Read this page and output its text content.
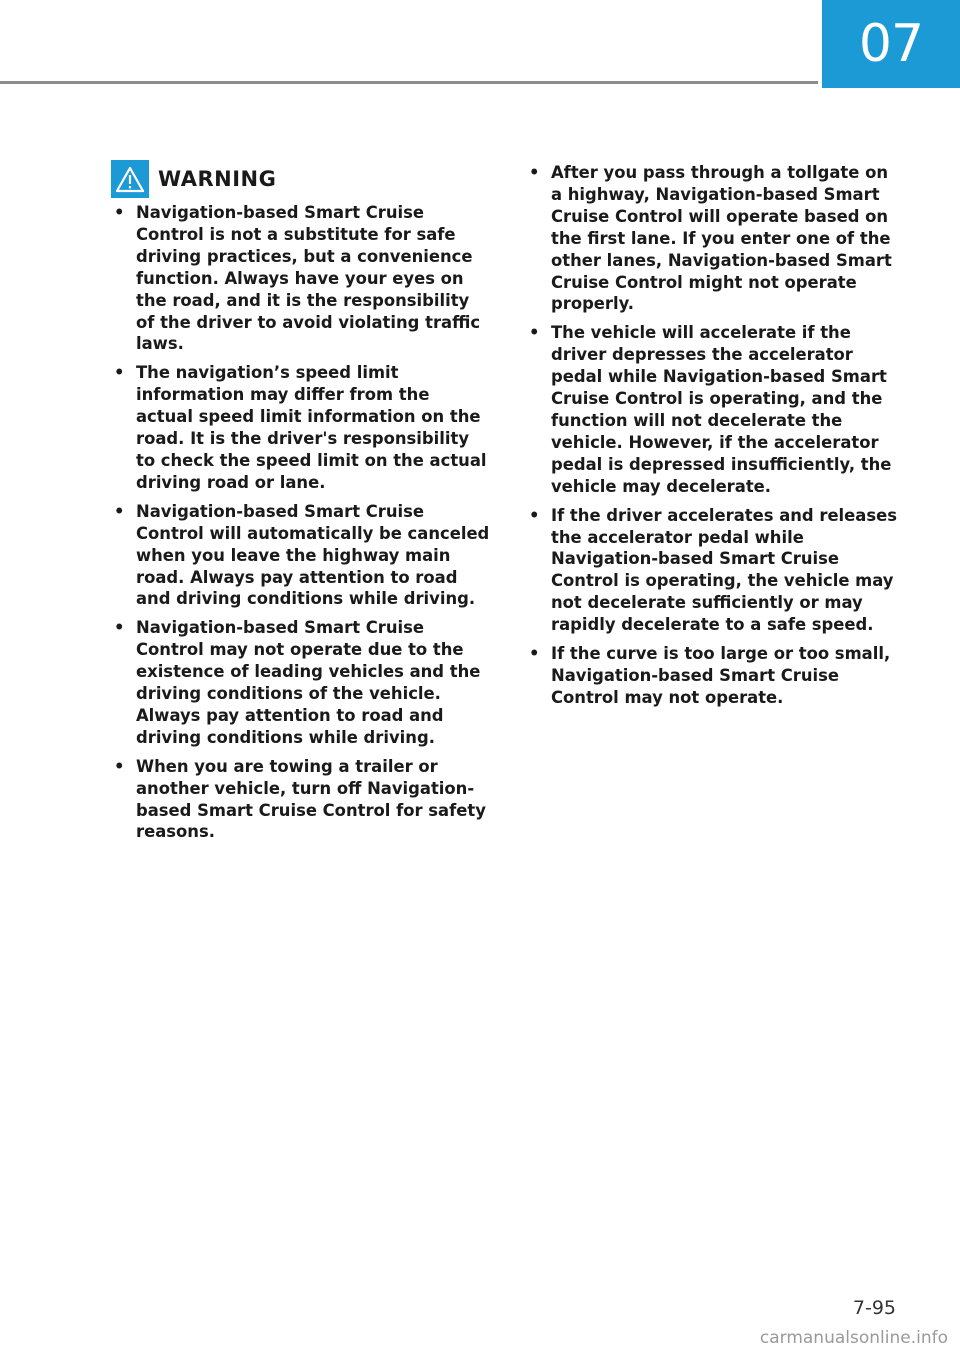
07
WARNING
• Navigation-based Smart Cruise Control is not a substitute for safe driving practices, but a convenience function. Always have your eyes on the road, and it is the responsibility of the driver to avoid violating traffic laws.
• The navigation’s speed limit information may differ from the actual speed limit information on the road. It is the driver's responsibility to check the speed limit on the actual driving road or lane.
• Navigation-based Smart Cruise Control will automatically be canceled when you leave the highway main road. Always pay attention to road and driving conditions while driving.
• Navigation-based Smart Cruise Control may not operate due to the existence of leading vehicles and the driving conditions of the vehicle. Always pay attention to road and driving conditions while driving.
• When you are towing a trailer or another vehicle, turn off Navigation-based Smart Cruise Control for safety reasons.
• After you pass through a tollgate on a highway, Navigation-based Smart Cruise Control will operate based on the first lane. If you enter one of the other lanes, Navigation-based Smart Cruise Control might not operate properly.
• The vehicle will accelerate if the driver depresses the accelerator pedal while Navigation-based Smart Cruise Control is operating, and the function will not decelerate the vehicle. However, if the accelerator pedal is depressed insufficiently, the vehicle may decelerate.
• If the driver accelerates and releases the accelerator pedal while Navigation-based Smart Cruise Control is operating, the vehicle may not decelerate sufficiently or may rapidly decelerate to a safe speed.
• If the curve is too large or too small, Navigation-based Smart Cruise Control may not operate.
7-95
carmanualsonline.info
